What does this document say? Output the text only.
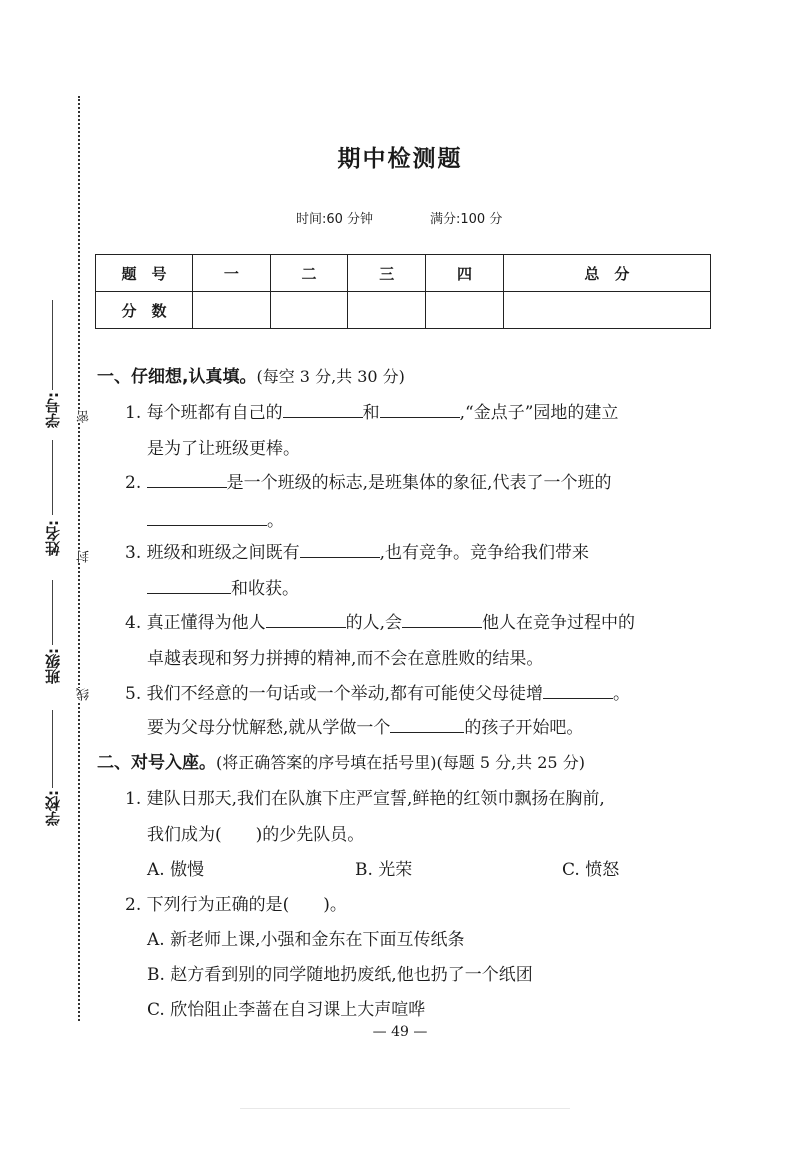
学号:
姓名:
班级:
学校:
密
封
线
期中检测题
时间:60 分钟	满分:100 分
题　号	一	二	三	四	总　分
分　数					
一、仔细想,认真填。(每空 3 分,共 30 分)
1. 每个班都有自己的	和	,“金点子”园地的建立
是为了让班级更棒。
2.	是一个班级的标志,是班集体的象征,代表了一个班的
。
3. 班级和班级之间既有	,也有竞争。竞争给我们带来
和收获。
4. 真正懂得为他人	的人,会	他人在竞争过程中的
卓越表现和努力拼搏的精神,而不会在意胜败的结果。
5. 我们不经意的一句话或一个举动,都有可能使父母徒增	。
要为父母分忧解愁,就从学做一个	的孩子开始吧。
二、对号入座。(将正确答案的序号填在括号里)(每题 5 分,共 25 分)
1. 建队日那天,我们在队旗下庄严宣誓,鲜艳的红领巾飘扬在胸前,
我们成为(　　)的少先队员。
A. 傲慢	B. 光荣	C. 愤怒
2. 下列行为正确的是(　　)。
A. 新老师上课,小强和金东在下面互传纸条
B. 赵方看到别的同学随地扔废纸,他也扔了一个纸团
C. 欣怡阻止李蔷在自习课上大声喧哗
— 49 —
